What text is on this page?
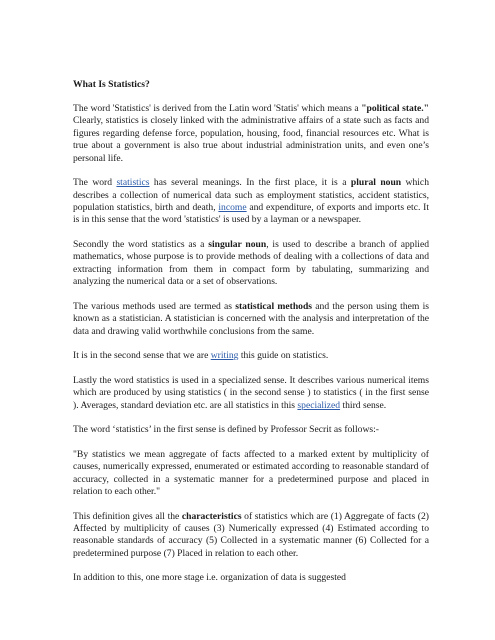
What Is Statistics?

The word 'Statistics' is derived from the Latin word 'Statis' which means a "political state." Clearly, statistics is closely linked with the administrative affairs of a state such as facts and figures regarding defense force, population, housing, food, financial resources etc. What is true about a government is also true about industrial administration units, and even one’s personal life.

The word statistics has several meanings. In the first place, it is a plural noun which describes a collection of numerical data such as employment statistics, accident statistics, population statistics, birth and death, income and expenditure, of exports and imports etc. It is in this sense that the word 'statistics' is used by a layman or a newspaper.

Secondly the word statistics as a singular noun, is used to describe a branch of applied mathematics, whose purpose is to provide methods of dealing with a collections of data and extracting information from them in compact form by tabulating, summarizing and analyzing the numerical data or a set of observations.

The various methods used are termed as statistical methods and the person using them is known as a statistician. A statistician is concerned with the analysis and interpretation of the data and drawing valid worthwhile conclusions from the same.

It is in the second sense that we are writing this guide on statistics.

Lastly the word statistics is used in a specialized sense. It describes various numerical items which are produced by using statistics ( in the second sense ) to statistics ( in the first sense ). Averages, standard deviation etc. are all statistics in this specialized third sense.

The word ‘statistics’ in the first sense is defined by Professor Secrit as follows:-

"By statistics we mean aggregate of facts affected to a marked extent by multiplicity of causes, numerically expressed, enumerated or estimated according to reasonable standard of accuracy, collected in a systematic manner for a predetermined purpose and placed in relation to each other."

This definition gives all the characteristics of statistics which are (1) Aggregate of facts (2) Affected by multiplicity of causes (3) Numerically expressed (4) Estimated according to reasonable standards of accuracy (5) Collected in a systematic manner (6) Collected for a predetermined purpose (7) Placed in relation to each other.

In addition to this, one more stage i.e. organization of data is suggested
